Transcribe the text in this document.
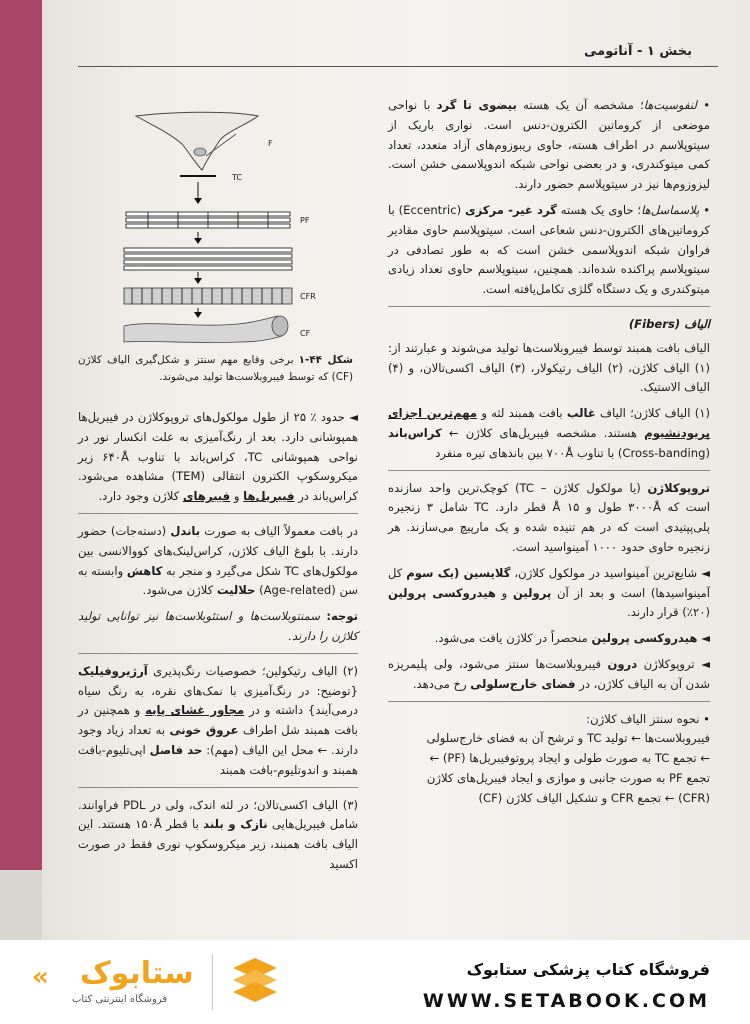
بخش ۱ - آناتومی
F
TC
PF
CFR
CF
شکل ۴۴-۱ برخی وقایع مهم سنتز و شکل‌گیری الیاف کلاژن (CF) که توسط فیبروبلاست‌ها تولید می‌شوند.

• لنفوسیت‌ها؛ مشخصه آن یک هسته بیضوی تا گرد با نواحی موضعی از کروماتین الکترون-دنس است. نواری باریک از سیتوپلاسم در اطراف هسته، حاوی ریبوزوم‌های آزاد متعدد، تعداد کمی میتوکندری، و در بعضی نواحی شبکه اندوپلاسمی خشن است. لیزوزوم‌ها نیز در سیتوپلاسم حضور دارند.

• پلاسماسل‌ها؛ حاوی یک هسته گرد غیر- مرکزی (Eccentric) با کروماتین‌های الکترون-دنس شعاعی است. سیتوپلاسم حاوی مقادیر فراوان شبکه اندوپلاسمی خشن است که به طور تصادفی در سیتوپلاسم پراکنده شده‌اند. همچنین، سیتوپلاسم حاوی تعداد زیادی میتوکندری و یک دستگاه گلژی تکامل‌یافته است.

الیاف (Fibers)

الیاف بافت همبند توسط فیبروبلاست‌ها تولید می‌شوند و عبارتند از: (۱) الیاف کلاژن، (۲) الیاف رتیکولار، (۳) الیاف اکسی‌تالان، و (۴) الیاف الاستیک.

(۱) الیاف کلاژن؛ الیاف غالب بافت همبند لثه و مهم‌ترین اجزای پریودنشیوم هستند. مشخصه فیبریل‌های کلاژن ← کراس‌باند (Cross-banding) با تناوب ۷۰۰Å بین باندهای تیره منفرد

تروپوکلاژن (یا مولکول کلاژن – TC) کوچک‌ترین واحد سازنده است که ۳۰۰۰Å طول و ۱۵ Å قطر دارد. TC شامل ۳ زنجیره پلی‌پپتیدی است که در هم تنیده شده و یک مارپیچ می‌سازند. هر زنجیره حاوی حدود ۱۰۰۰ آمینواسید است.

◄ شایع‌ترین آمینواسید در مولکول کلاژن، گلایسین (یک سوم کل آمینواسیدها) است و بعد از آن پرولین و هیدروکسی پرولین (۲۰٪) قرار دارند.

◄ هیدروکسی پرولین منحصراً در کلاژن یافت می‌شود.

◄ تروپوکلاژن درون فیبروبلاست‌ها سنتز می‌شود، ولی پلیمریزه شدن آن به الیاف کلاژن، در فضای خارج‌سلولی رخ می‌دهد.

• نحوه سنتز الیاف کلاژن:
فیبروبلاست‌ها ← تولید TC و ترشح آن به فضای خارج‌سلولی
← تجمع TC به صورت طولی و ایجاد پروتوفیبریل‌ها (PF) ←
تجمع PF به صورت جانبی و موازی و ایجاد فیبریل‌های کلاژن
(CFR) ← تجمع CFR و تشکیل الیاف کلاژن (CF)

◄ حدود ٪ ۲۵ از طول مولکول‌های تروپوکلاژن در فیبریل‌ها همپوشانی دارد. بعد از رنگ‌آمیزی به علت انکسار نور در نواحی همپوشانی TC، کراس‌باند با تناوب ۶۴۰Å زیر میکروسکوپ الکترون انتقالی (TEM) مشاهده می‌شود. کراس‌باند در فیبریل‌ها و فیبرهای کلاژن وجود دارد.

در بافت معمولاً الیاف به صورت باندل (دسته‌جات) حضور دارند. با بلوغ الیاف کلاژن، کراس‌لینک‌های کووالانسی بین مولکول‌های TC شکل می‌گیرد و منجر به کاهش وابسته به سن (Age-related) حلالیت کلاژن می‌شود.

توجه: سمنتوبلاست‌ها و استئوبلاست‌ها نیز توانایی تولید کلاژن را دارند.

(۲) الیاف رتیکولین؛ خصوصیات رنگ‌پذیری آرژیروفیلیک {توضیح: در رنگ‌آمیزی با نمک‌های نقره، به رنگ سیاه درمی‌آیند} داشته و در مجاور غشای پایه و همچنین در بافت همبند شل اطراف عروق خونی به تعداد زیاد وجود دارند. ← محل این الیاف (مهم): حد فاصل اپی‌تلیوم-بافت همبند و اندوتلیوم-بافت همبند

(۳) الیاف اکسی‌تالان؛ در لثه اندک، ولی در PDL فراوانند. شامل فیبریل‌هایی نازک و بلند با قطر ۱۵۰Å هستند. این الیاف بافت همبند، زیر میکروسکوپ نوری فقط در صورت اکسید

« ستابوک
فروشگاه اینترنتی کتاب
فروشگاه کتاب پزشکی ستابوک
WWW.SETABOOK.COM
